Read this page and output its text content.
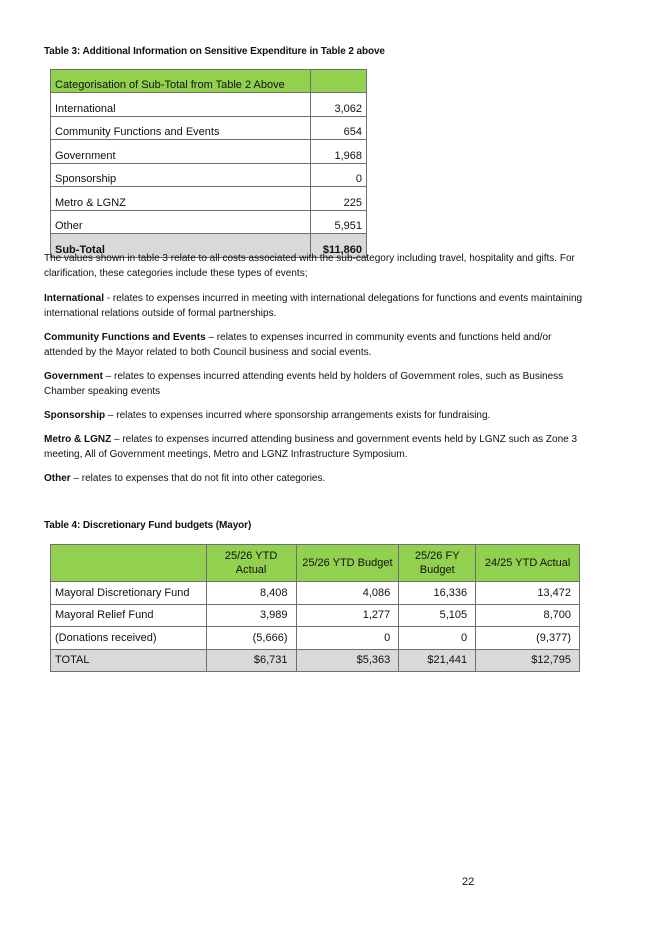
Table 3: Additional Information on Sensitive Expenditure in Table 2 above
Categorisation of Sub-Total from Table 2 Above	
International	3,062
Community Functions and Events	654
Government	1,968
Sponsorship	0
Metro & LGNZ	225
Other	5,951
Sub-Total	$11,860
The values shown in table 3 relate to all costs associated with the sub-category including travel, hospitality and gifts. For clarification, these categories include these types of events;
International - relates to expenses incurred in meeting with international delegations for functions and events maintaining international relations outside of formal partnerships.
Community Functions and Events – relates to expenses incurred in community events and functions held and/or attended by the Mayor related to both Council business and social events.
Government – relates to expenses incurred attending events held by holders of Government roles, such as Business Chamber speaking events
Sponsorship – relates to expenses incurred where sponsorship arrangements exists for fundraising.
Metro & LGNZ – relates to expenses incurred attending business and government events held by LGNZ such as Zone 3 meeting, All of Government meetings, Metro and LGNZ Infrastructure Symposium.
Other – relates to expenses that do not fit into other categories.
Table 4: Discretionary Fund budgets (Mayor)
	25/26 YTD Actual	25/26 YTD Budget	25/26 FY Budget	24/25 YTD Actual
Mayoral Discretionary Fund	8,408	4,086	16,336	13,472
Mayoral Relief Fund	3,989	1,277	5,105	8,700
(Donations received)	(5,666)	0	0	(9,377)
TOTAL	$6,731	$5,363	$21,441	$12,795
22
